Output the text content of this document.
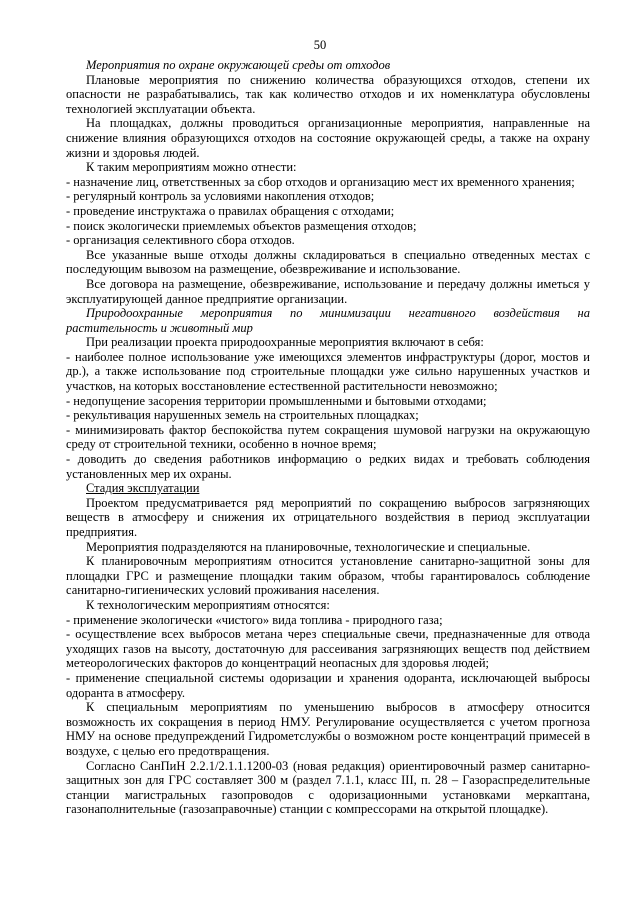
50

Мероприятия по охране окружающей среды от отходов

Плановые мероприятия по снижению количества образующихся отходов, степени их опасности не разрабатывались, так как количество отходов и их номенклатура обусловлены технологией эксплуатации объекта.

На площадках, должны проводиться организационные мероприятия, направленные на снижение влияния образующихся отходов на состояние окружающей среды, а также на охрану жизни и здоровья людей.

К таким мероприятиям можно отнести:

- назначение лиц, ответственных за сбор отходов и организацию мест их временного хранения;

- регулярный контроль за условиями накопления отходов;

- проведение инструктажа о правилах обращения с отходами;

- поиск экологически приемлемых объектов размещения отходов;

- организация селективного сбора отходов.

Все указанные выше отходы должны складироваться в специально отведенных местах с последующим вывозом на размещение, обезвреживание и использование.

Все договора на размещение, обезвреживание, использование и передачу должны иметься у эксплуатирующей данное предприятие организации.

Природоохранные мероприятия по минимизации негативного воздействия на растительность и животный мир

При реализации проекта природоохранные мероприятия включают в себя:

- наиболее полное использование уже имеющихся элементов инфраструктуры (дорог, мостов и др.), а также использование под строительные площадки уже сильно нарушенных участков и участков, на которых восстановление естественной растительности невозможно;

- недопущение засорения территории промышленными и бытовыми отходами;

- рекультивация нарушенных земель на строительных площадках;

- минимизировать фактор беспокойства путем сокращения шумовой нагрузки на окружающую среду от строительной техники, особенно в ночное время;

- доводить до сведения работников информацию о редких видах и требовать соблюдения установленных мер их охраны.

Стадия эксплуатации

Проектом предусматривается ряд мероприятий по сокращению выбросов загрязняющих веществ в атмосферу и снижения их отрицательного воздействия в период эксплуатации предприятия.

Мероприятия подразделяются на планировочные, технологические и специальные.

К планировочным мероприятиям относится установление санитарно-защитной зоны для площадки ГРС и размещение площадки таким образом, чтобы гарантировалось соблюдение санитарно-гигиенических условий проживания населения.

К технологическим мероприятиям относятся:

- применение экологически «чистого» вида топлива - природного газа;

- осуществление всех выбросов метана через специальные свечи, предназначенные для отвода уходящих газов на высоту, достаточную для рассеивания загрязняющих веществ под действием метеорологических факторов до концентраций неопасных для здоровья людей;

- применение специальной системы одоризации и хранения одоранта, исключающей выбросы одоранта в атмосферу.

К специальным мероприятиям по уменьшению выбросов в атмосферу относится возможность их сокращения в период НМУ. Регулирование осуществляется с учетом прогноза НМУ на основе предупреждений Гидрометслужбы о возможном росте концентраций примесей в воздухе, с целью его предотвращения.

Согласно СанПиН 2.2.1/2.1.1.1200-03 (новая редакция) ориентировочный размер санитарно-защитных зон для ГРС составляет 300 м (раздел 7.1.1, класс III, п. 28 – Газораспределительные станции магистральных газопроводов с одоризационными установками меркаптана, газонаполнительные (газозаправочные) станции с компрессорами на открытой площадке).
